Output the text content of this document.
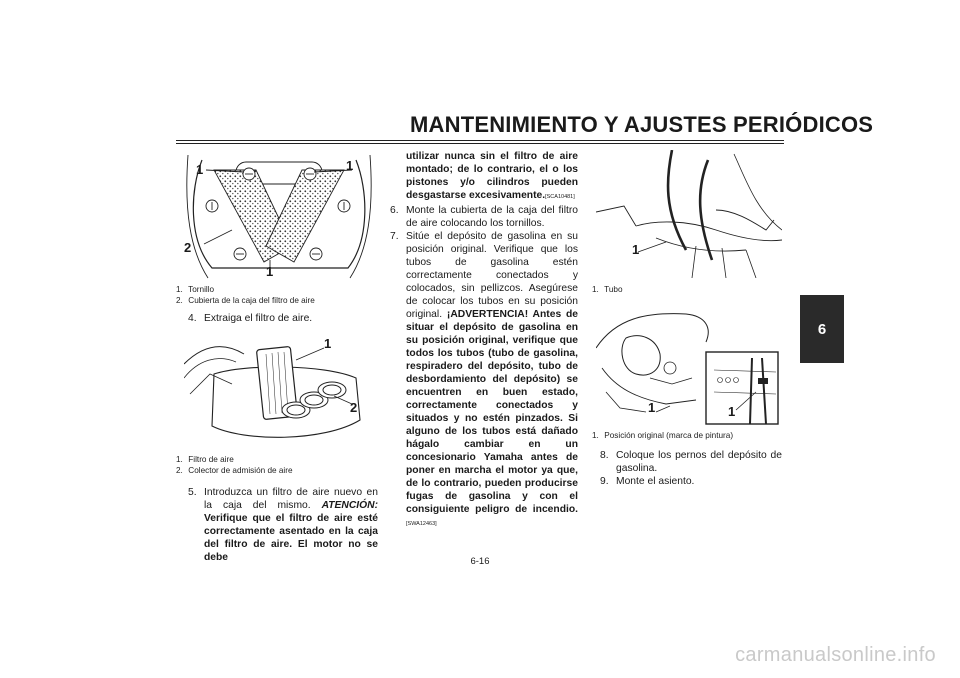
MANTENIMIENTO Y AJUSTES PERIÓDICOS
6
1	1
1
2
1. Tornillo
2. Cubierta de la caja del filtro de aire
4. Extraiga el filtro de aire.
1
2
1. Filtro de aire
2. Colector de admisión de aire
5. Introduzca un filtro de aire nuevo en la caja del mismo. ATENCIÓN: Verifique que el filtro de aire esté correctamente asentado en la caja del filtro de aire. El motor no se debe
utilizar nunca sin el filtro de aire montado; de lo contrario, el o los pistones y/o cilindros pueden desgastarse excesivamente.[SCA10481]
6. Monte la cubierta de la caja del filtro de aire colocando los tornillos.
7. Sitúe el depósito de gasolina en su posición original. Verifique que los tubos de gasolina estén correctamente conectados y colocados, sin pellizcos. Asegúrese de colocar los tubos en su posición original. ¡ADVERTENCIA! Antes de situar el depósito de gasolina en su posición original, verifique que todos los tubos (tubo de gasolina, respiradero del depósito, tubo de desbordamiento del depósito) se encuentren en buen estado, correctamente conectados y situados y no estén pinzados. Si alguno de los tubos está dañado hágalo cambiar en un concesionario Yamaha antes de poner en marcha el motor ya que, de lo contrario, pueden producirse fugas de gasolina y con el consiguiente peligro de incendio.[SWA12463]
1
1. Tubo
1	1
1. Posición original (marca de pintura)
8. Coloque los pernos del depósito de gasolina.
9. Monte el asiento.
6-16
carmanualsonline.info
